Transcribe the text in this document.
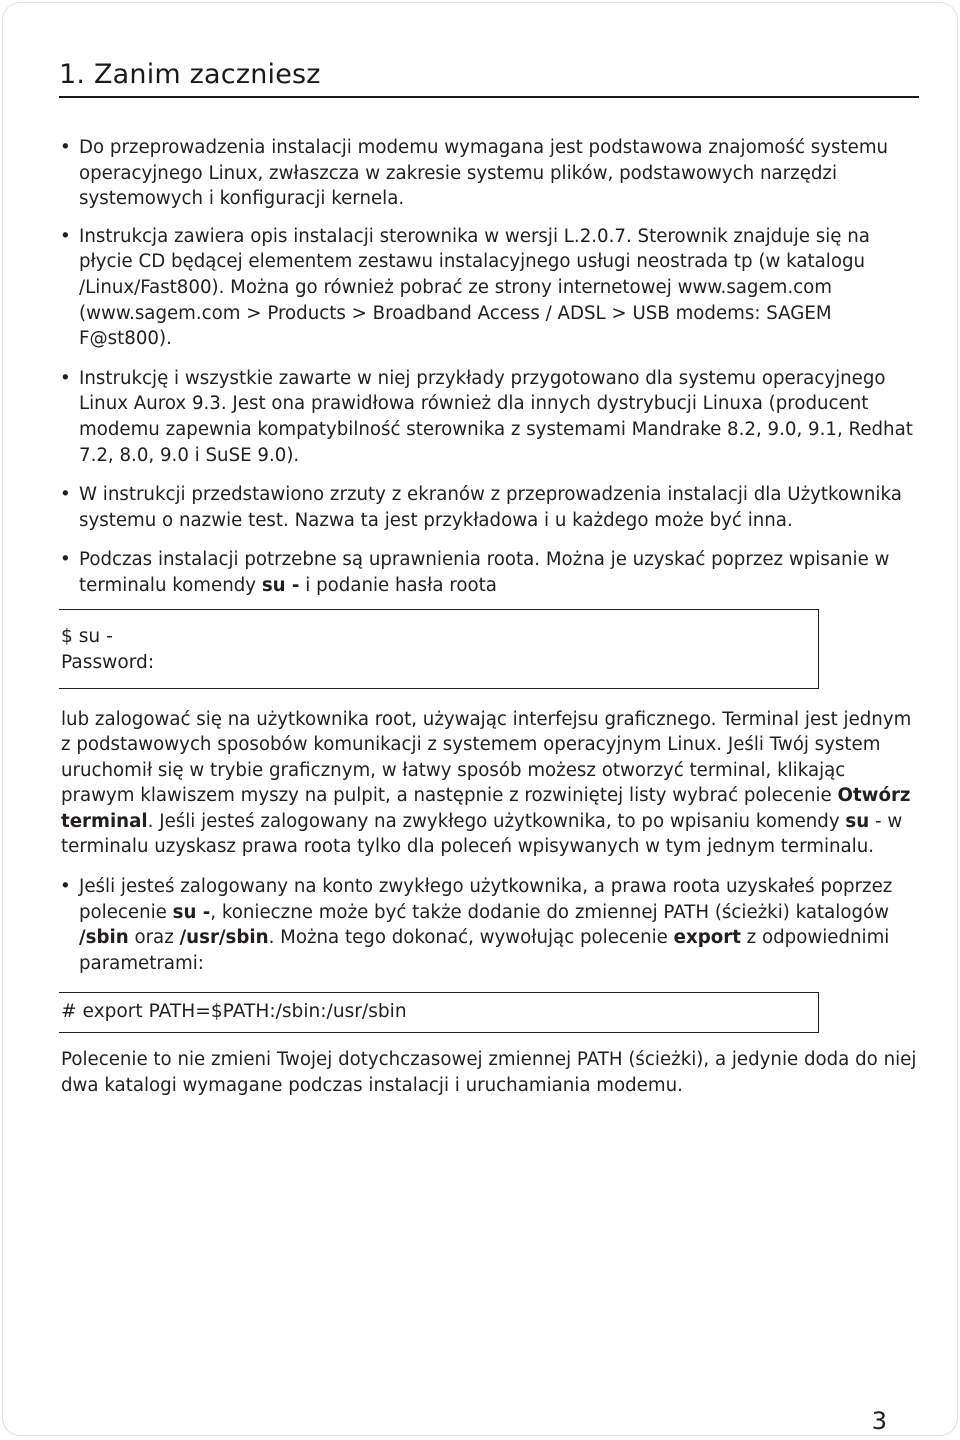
1. Zanim zaczniesz

• Do przeprowadzenia instalacji modemu wymagana jest podstawowa znajomość systemu operacyjnego Linux, zwłaszcza w zakresie systemu plików, podstawowych narzędzi systemowych i konfiguracji kernela.

• Instrukcja zawiera opis instalacji sterownika w wersji L.2.0.7. Sterownik znajduje się na płycie CD będącej elementem zestawu instalacyjnego usługi neostrada tp (w katalogu /Linux/Fast800). Można go również pobrać ze strony internetowej www.sagem.com (www.sagem.com > Products > Broadband Access / ADSL > USB modems: SAGEM F@st800).

• Instrukcję i wszystkie zawarte w niej przykłady przygotowano dla systemu operacyjnego Linux Aurox 9.3. Jest ona prawidłowa również dla innych dystrybucji Linuxa (producent modemu zapewnia kompatybilność sterownika z systemami Mandrake 8.2, 9.0, 9.1, Redhat 7.2, 8.0, 9.0 i SuSE 9.0).

• W instrukcji przedstawiono zrzuty z ekranów z przeprowadzenia instalacji dla Użytkownika systemu o nazwie test. Nazwa ta jest przykładowa i u każdego może być inna.

• Podczas instalacji potrzebne są uprawnienia roota. Można je uzyskać poprzez wpisanie w terminalu komendy su - i podanie hasła roota

$ su -
Password:

lub zalogować się na użytkownika root, używając interfejsu graficznego. Terminal jest jednym z podstawowych sposobów komunikacji z systemem operacyjnym Linux. Jeśli Twój system uruchomił się w trybie graficznym, w łatwy sposób możesz otworzyć terminal, klikając prawym klawiszem myszy na pulpit, a następnie z rozwiniętej listy wybrać polecenie Otwórz terminal. Jeśli jesteś zalogowany na zwykłego użytkownika, to po wpisaniu komendy su - w terminalu uzyskasz prawa roota tylko dla poleceń wpisywanych w tym jednym terminalu.

• Jeśli jesteś zalogowany na konto zwykłego użytkownika, a prawa roota uzyskałeś poprzez polecenie su -, konieczne może być także dodanie do zmiennej PATH (ścieżki) katalogów /sbin oraz /usr/sbin. Można tego dokonać, wywołując polecenie export z odpowiednimi parametrami:

# export PATH=$PATH:/sbin:/usr/sbin

Polecenie to nie zmieni Twojej dotychczasowej zmiennej PATH (ścieżki), a jedynie doda do niej dwa katalogi wymagane podczas instalacji i uruchamiania modemu.

3
